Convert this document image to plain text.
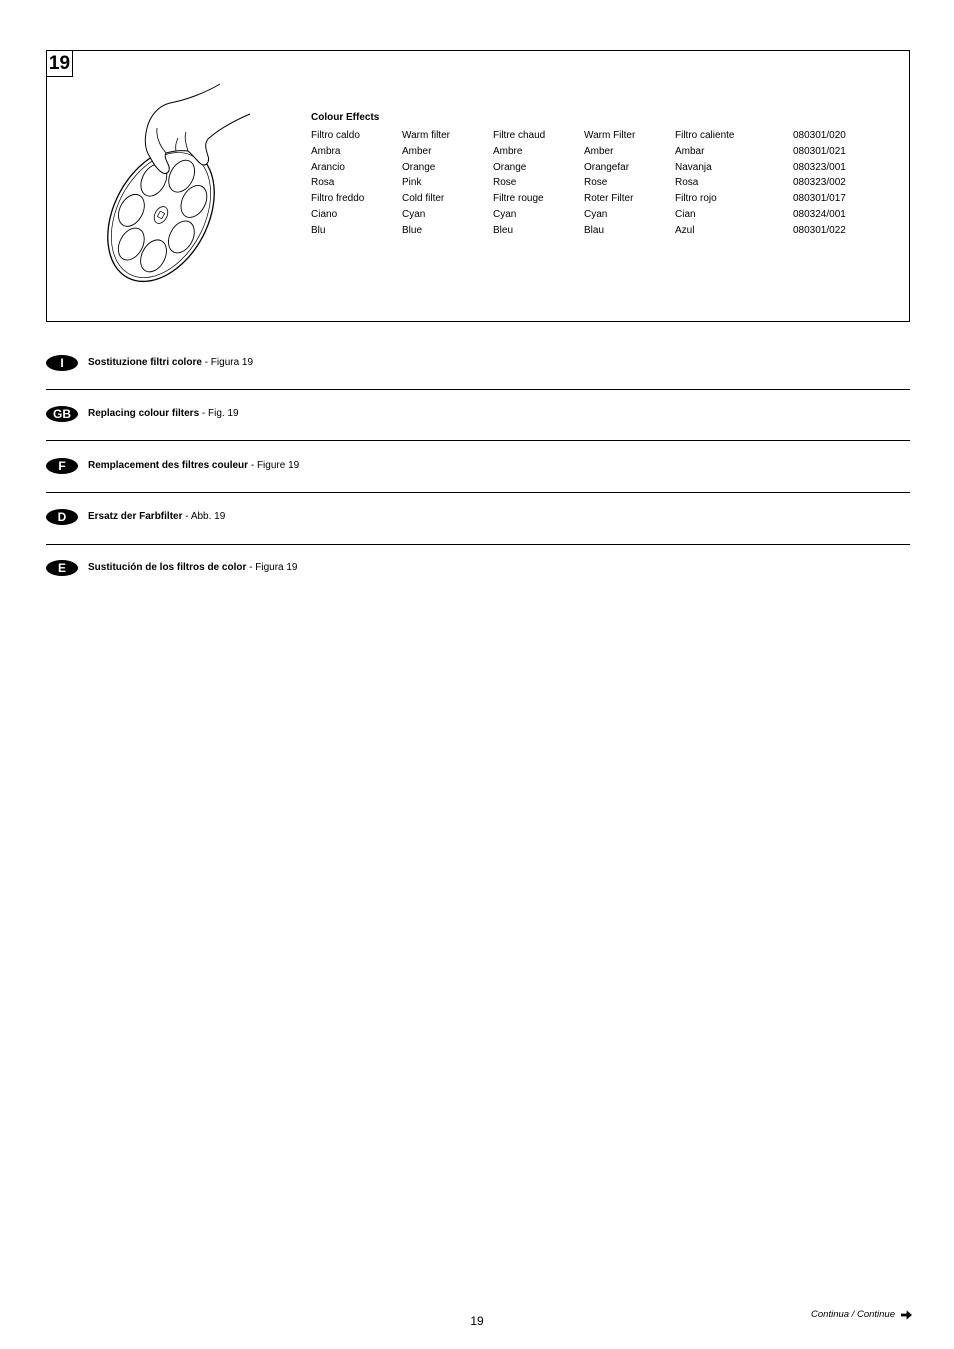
19
Colour Effects
Filtro caldo	Warm filter	Filtre chaud	Warm Filter	Filtro caliente	080301/020
Ambra	Amber	Ambre	Amber	Ambar	080301/021
Arancio	Orange	Orange	Orangefar	Navanja	080323/001
Rosa	Pink	Rose	Rose	Rosa	080323/002
Filtro freddo	Cold filter	Filtre rouge	Roter Filter	Filtro rojo	080301/017
Ciano	Cyan	Cyan	Cyan	Cian	080324/001
Blu	Blue	Bleu	Blau	Azul	080301/022
I	Sostituzione filtri colore - Figura 19
GB	Replacing colour filters - Fig. 19
F	Remplacement des filtres couleur - Figure 19
D	Ersatz der Farbfilter - Abb. 19
E	Sustitución de los filtros de color - Figura 19
19	Continua / Continue
